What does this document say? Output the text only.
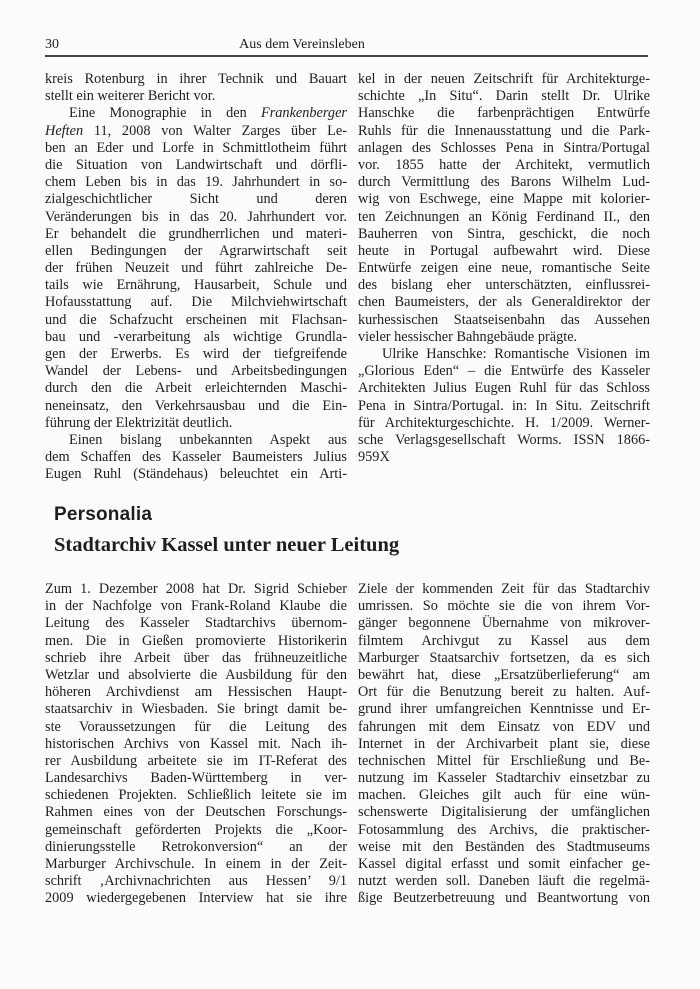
30	Aus dem Vereinsleben
kreis Rotenburg in ihrer Technik und Bauart
stellt ein weiterer Bericht vor.
Eine Monographie in den Frankenberger
Heften 11, 2008 von Walter Zarges über Le-
ben an Eder und Lorfe in Schmittlotheim führt
die Situation von Landwirtschaft und dörfli-
chem Leben bis in das 19. Jahrhundert in so-
zialgeschichtlicher Sicht und deren
Veränderungen bis in das 20. Jahrhundert vor.
Er behandelt die grundherrlichen und materi-
ellen Bedingungen der Agrarwirtschaft seit
der frühen Neuzeit und führt zahlreiche De-
tails wie Ernährung, Hausarbeit, Schule und
Hofausstattung auf. Die Milchviehwirtschaft
und die Schafzucht erscheinen mit Flachsan-
bau und -verarbeitung als wichtige Grundla-
gen der Erwerbs. Es wird der tiefgreifende
Wandel der Lebens- und Arbeitsbedingungen
durch den die Arbeit erleichternden Maschi-
neneinsatz, den Verkehrsausbau und die Ein-
führung der Elektrizität deutlich.
Einen bislang unbekannten Aspekt aus
dem Schaffen des Kasseler Baumeisters Julius
Eugen Ruhl (Ständehaus) beleuchtet ein Arti-
kel in der neuen Zeitschrift für Architekturge-
schichte „In Situ“. Darin stellt Dr. Ulrike
Hanschke die farbenprächtigen Entwürfe
Ruhls für die Innenausstattung und die Park-
anlagen des Schlosses Pena in Sintra/Portugal
vor. 1855 hatte der Architekt, vermutlich
durch Vermittlung des Barons Wilhelm Lud-
wig von Eschwege, eine Mappe mit kolorier-
ten Zeichnungen an König Ferdinand II., den
Bauherren von Sintra, geschickt, die noch
heute in Portugal aufbewahrt wird. Diese
Entwürfe zeigen eine neue, romantische Seite
des bislang eher unterschätzten, einflussrei-
chen Baumeisters, der als Generaldirektor der
kurhessischen Staatseisenbahn das Aussehen
vieler hessischer Bahngebäude prägte.
Ulrike Hanschke: Romantische Visionen im
„Glorious Eden“ – die Entwürfe des Kasseler
Architekten Julius Eugen Ruhl für das Schloss
Pena in Sintra/Portugal. in: In Situ. Zeitschrift
für Architekturgeschichte. H. 1/2009. Werner-
sche Verlagsgesellschaft Worms. ISSN 1866-
959X
Personalia
Stadtarchiv Kassel unter neuer Leitung
Zum 1. Dezember 2008 hat Dr. Sigrid Schieber
in der Nachfolge von Frank-Roland Klaube die
Leitung des Kasseler Stadtarchivs übernom-
men. Die in Gießen promovierte Historikerin
schrieb ihre Arbeit über das frühneuzeitliche
Wetzlar und absolvierte die Ausbildung für den
höheren Archivdienst am Hessischen Haupt-
staatsarchiv in Wiesbaden. Sie bringt damit be-
ste Voraussetzungen für die Leitung des
historischen Archivs von Kassel mit. Nach ih-
rer Ausbildung arbeitete sie im IT-Referat des
Landesarchivs Baden-Württemberg in ver-
schiedenen Projekten. Schließlich leitete sie im
Rahmen eines von der Deutschen Forschungs-
gemeinschaft geförderten Projekts die „Koor-
dinierungsstelle Retrokonversion“ an der
Marburger Archivschule. In einem in der Zeit-
schrift ‚Archivnachrichten aus Hessen’ 9/1
2009 wiedergegebenen Interview hat sie ihre
Ziele der kommenden Zeit für das Stadtarchiv
umrissen. So möchte sie die von ihrem Vor-
gänger begonnene Übernahme von mikrover-
filmtem Archivgut zu Kassel aus dem
Marburger Staatsarchiv fortsetzen, da es sich
bewährt hat, diese „Ersatzüberlieferung“ am
Ort für die Benutzung bereit zu halten. Auf-
grund ihrer umfangreichen Kenntnisse und Er-
fahrungen mit dem Einsatz von EDV und
Internet in der Archivarbeit plant sie, diese
technischen Mittel für Erschließung und Be-
nutzung im Kasseler Stadtarchiv einsetzbar zu
machen. Gleiches gilt auch für eine wün-
schenswerte Digitalisierung der umfänglichen
Fotosammlung des Archivs, die praktischer-
weise mit den Beständen des Stadtmuseums
Kassel digital erfasst und somit einfacher ge-
nutzt werden soll. Daneben läuft die regelmä-
ßige Beutzerbetreuung und Beantwortung von
